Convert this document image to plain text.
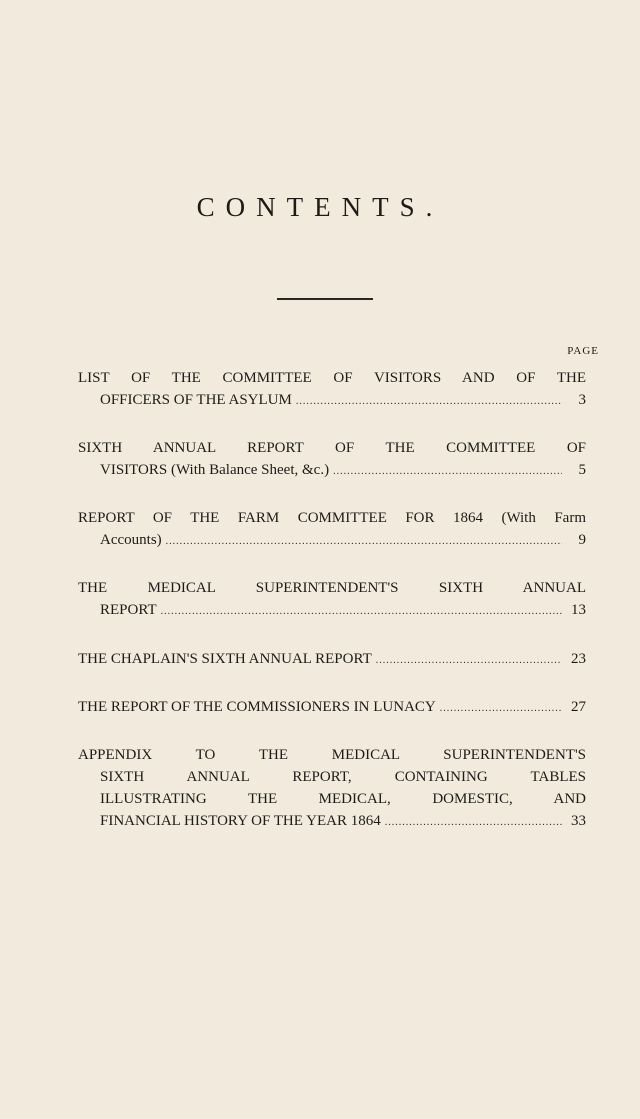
CONTENTS.
PAGE
LIST OF THE COMMITTEE OF VISITORS AND OF THE
OFFICERS OF THE ASYLUM .....	3
SIXTH ANNUAL REPORT OF THE COMMITTEE OF
VISITORS (With Balance Sheet, &c.) .....	5
REPORT OF THE FARM COMMITTEE FOR 1864 (With Farm
Accounts) .....	9
THE MEDICAL SUPERINTENDENT'S SIXTH ANNUAL
REPORT .....	13
THE CHAPLAIN'S SIXTH ANNUAL REPORT .....	23
THE REPORT OF THE COMMISSIONERS IN LUNACY .....	27
APPENDIX TO THE MEDICAL SUPERINTENDENT'S
SIXTH ANNUAL REPORT, CONTAINING TABLES
ILLUSTRATING THE MEDICAL, DOMESTIC, AND
FINANCIAL HISTORY OF THE YEAR 1864 .....	33
